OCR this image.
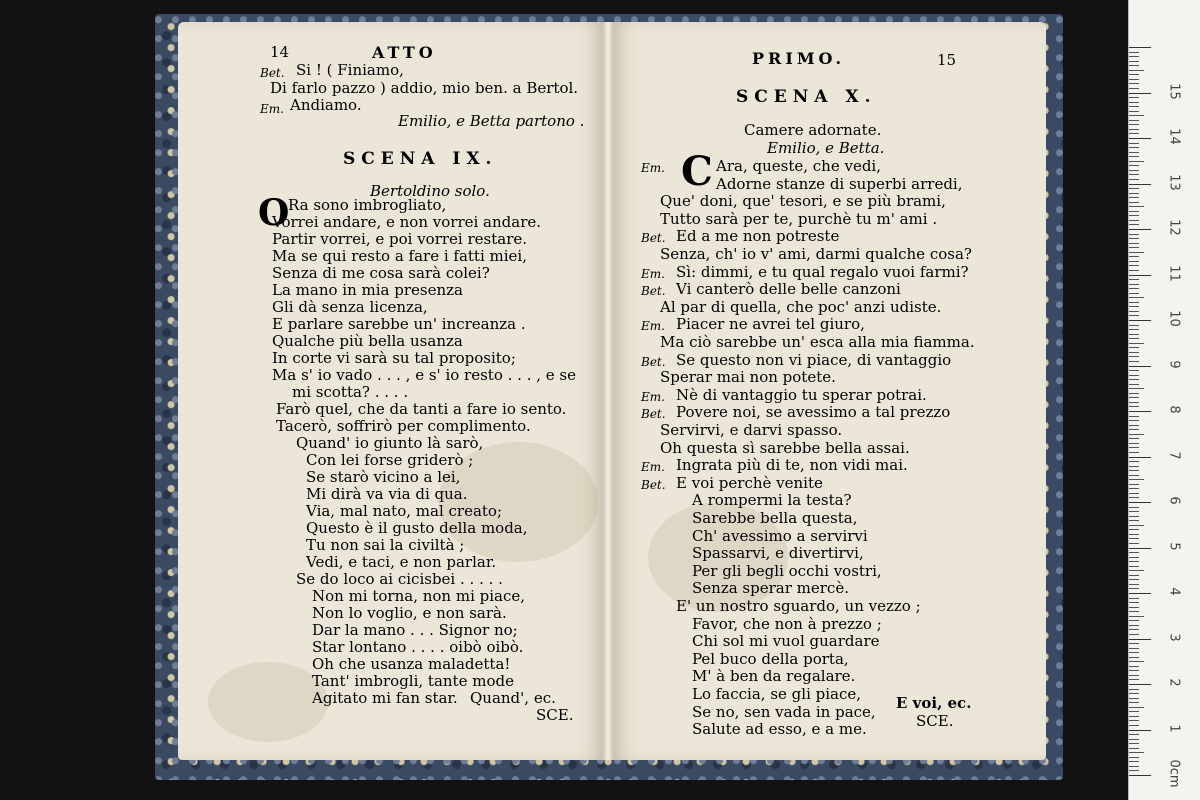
14	ATTO
Bet. Si ! ( Finiamo,
Di farlo pazzo ) addio, mio ben. a Bertol.
Em. Andiamo.
Emilio, e Betta partono .
SCENA IX.
Bertoldino solo.
O
Ra sono imbrogliato,
Vorrei andare, e non vorrei andare.
Partir vorrei, e poi vorrei restare.
Ma se qui resto a fare i fatti miei,
Senza di me cosa sarà colei?
La mano in mia presenza
Gli dà senza licenza,
E parlare sarebbe un' increanza .
Qualche più bella usanza
In corte vi sarà su tal proposito;
Ma s' io vado . . . , e s' io resto . . . , e se
mi scotta? . . . .
Farò quel, che da tanti a fare io sento.
Tacerò, soffrirò per complimento.
Quand' io giunto là sarò,
Con lei forse griderò ;
Se starò vicino a lei,
Mi dirà va via di qua.
Via, mal nato, mal creato;
Questo è il gusto della moda,
Tu non sai la civiltà ;
Vedi, e taci, e non parlar.
Se do loco ai cicisbei . . . . .
Non mi torna, non mi piace,
Non lo voglio, e non sarà.
Dar la mano . . . Signor no;
Star lontano . . . . oibò oibò.
Oh che usanza maladetta!
Tant' imbrogli, tante mode
Agitato mi fan star. Quand', ec.
SCE.
PRIMO.	15
SCENA X.
Camere adornate.
Emilio, e Betta.
C
Em.	Ara, queste, che vedi,
Adorne stanze di superbi arredi,
Que' doni, que' tesori, e se più brami,
Tutto sarà per te, purchè tu m' ami .
Bet. Ed a me non potreste
Senza, ch' io v' ami, darmi qualche cosa?
Em. Sì: dimmi, e tu qual regalo vuoi farmi?
Bet. Vi canterò delle belle canzoni
Al par di quella, che poc' anzi udiste.
Em. Piacer ne avrei tel giuro,
Ma ciò sarebbe un' esca alla mia fiamma.
Bet. Se questo non vi piace, di vantaggio
Sperar mai non potete.
Em. Nè di vantaggio tu sperar potrai.
Bet. Povere noi, se avessimo a tal prezzo
Servirvi, e darvi spasso.
Oh questa sì sarebbe bella assai.
Em. Ingrata più di te, non vidi mai.
Bet. E voi perchè venite
A rompermi la testa?
Sarebbe bella questa,
Ch' avessimo a servirvi
Spassarvi, e divertirvi,
Per gli begli occhi vostri,
Senza sperar mercè.
E' un nostro sguardo, un vezzo ;
Favor, che non à prezzo ;
Chi sol mi vuol guardare
Pel buco della porta,
M' à ben da regalare.
Lo faccia, se gli piace,
Se no, sen vada in pace,
Salute ad esso, e a me.
E voi, ec.
SCE.
15
14
13
12
11
10
9
8
7
6
5
4
3
2
1
0cm
